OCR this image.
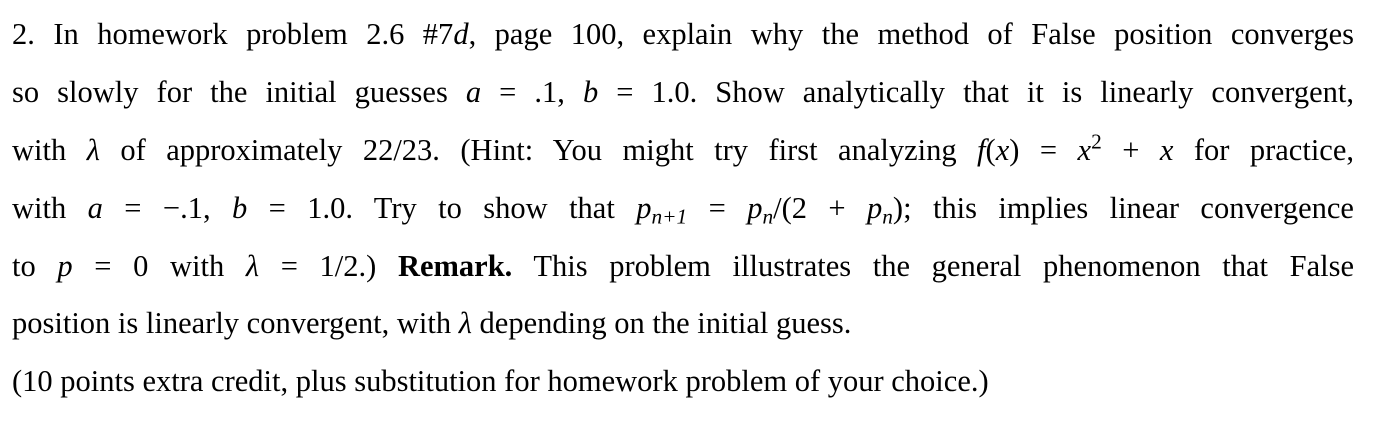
2. In homework problem 2.6 #7d, page 100, explain why the method of False position converges
so slowly for the initial guesses a = .1, b = 1.0. Show analytically that it is linearly convergent,
with λ of approximately 22/23. (Hint: You might try first analyzing $f(x) = x^2 + x$ for practice,
with a = −.1, b = 1.0. Try to show that $p_{n+1} = p_n/(2 + p_n)$; this implies linear convergence
to p = 0 with λ = 1/2.) Remark. This problem illustrates the general phenomenon that False
position is linearly convergent, with λ depending on the initial guess.
(10 points extra credit, plus substitution for homework problem of your choice.)
